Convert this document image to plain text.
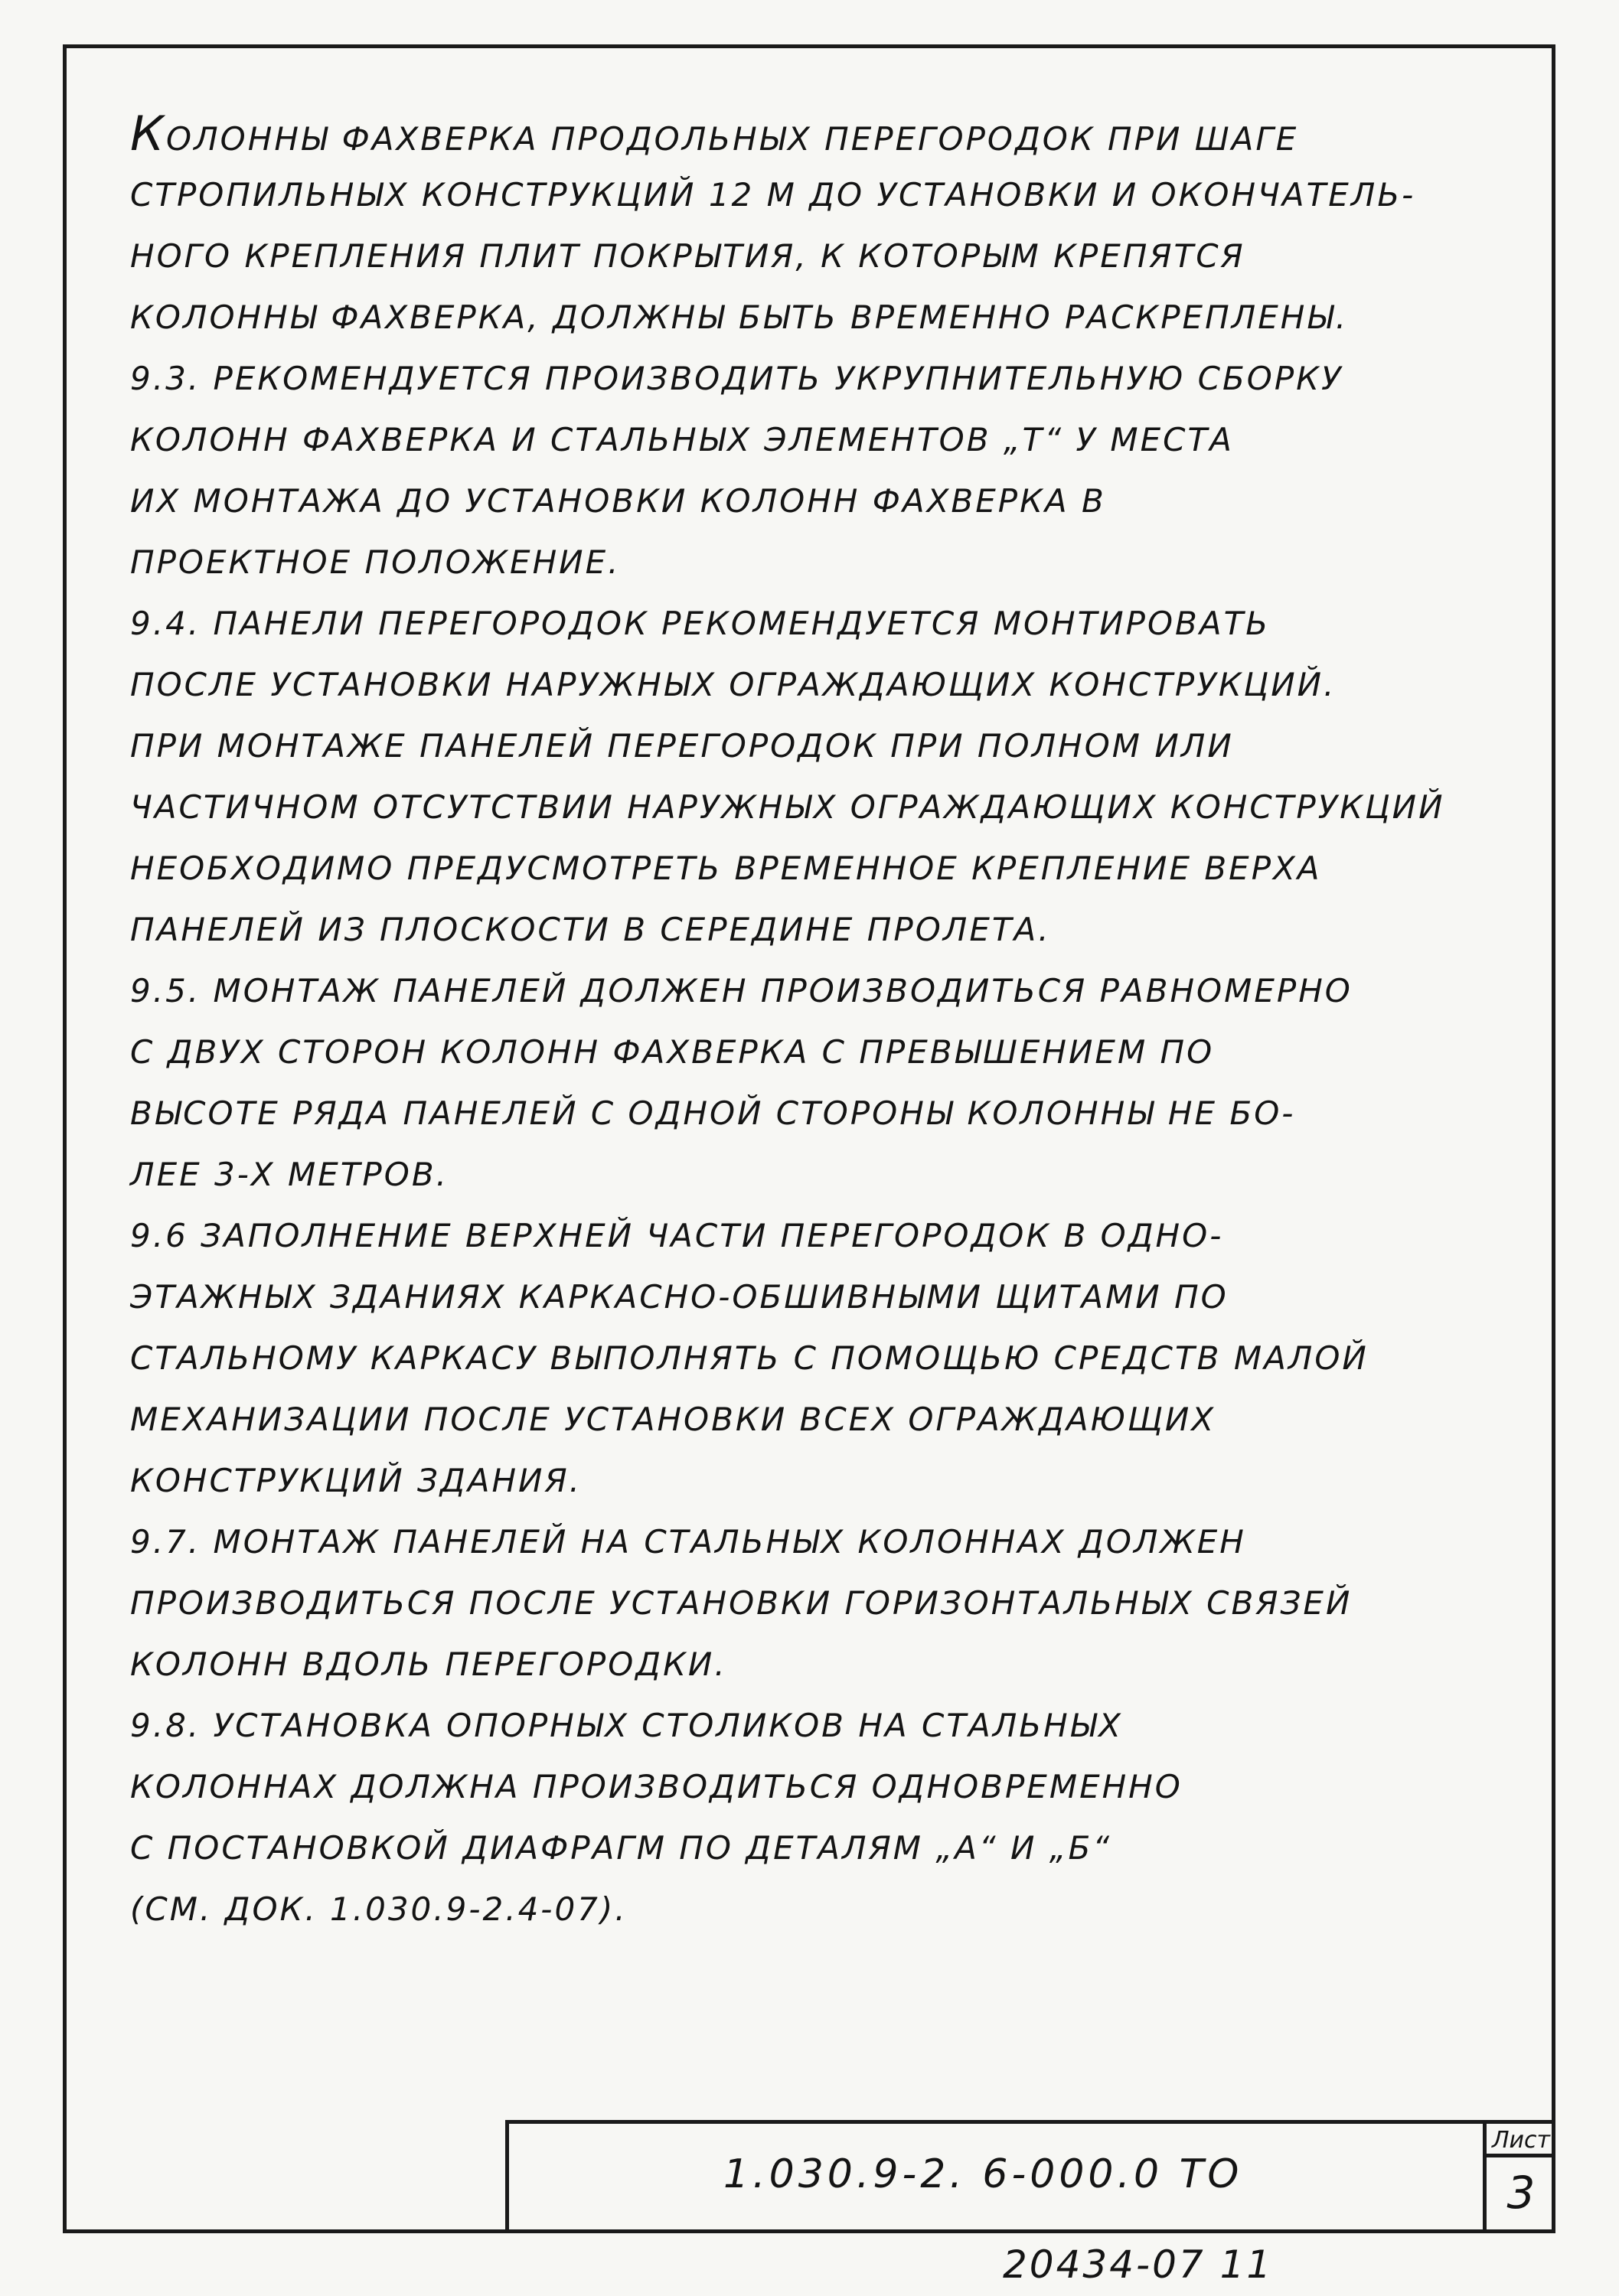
КОЛОННЫ ФАХВЕРКА ПРОДОЛЬНЫХ ПЕРЕГОРОДОК ПРИ ШАГЕ
СТРОПИЛЬНЫХ КОНСТРУКЦИЙ 12 М ДО УСТАНОВКИ И ОКОНЧАТЕЛЬ-
НОГО КРЕПЛЕНИЯ ПЛИТ ПОКРЫТИЯ, К КОТОРЫМ КРЕПЯТСЯ
КОЛОННЫ ФАХВЕРКА, ДОЛЖНЫ БЫТЬ ВРЕМЕННО РАСКРЕПЛЕНЫ.
9.3. РЕКОМЕНДУЕТСЯ ПРОИЗВОДИТЬ УКРУПНИТЕЛЬНУЮ СБОРКУ
КОЛОНН ФАХВЕРКА И СТАЛЬНЫХ ЭЛЕМЕНТОВ „Т“ У МЕСТА
ИХ МОНТАЖА ДО УСТАНОВКИ КОЛОНН ФАХВЕРКА В
ПРОЕКТНОЕ ПОЛОЖЕНИЕ.
9.4. ПАНЕЛИ ПЕРЕГОРОДОК РЕКОМЕНДУЕТСЯ МОНТИРОВАТЬ
ПОСЛЕ УСТАНОВКИ НАРУЖНЫХ ОГРАЖДАЮЩИХ КОНСТРУКЦИЙ.
ПРИ МОНТАЖЕ ПАНЕЛЕЙ ПЕРЕГОРОДОК ПРИ ПОЛНОМ ИЛИ
ЧАСТИЧНОМ ОТСУТСТВИИ НАРУЖНЫХ ОГРАЖДАЮЩИХ КОНСТРУКЦИЙ
НЕОБХОДИМО ПРЕДУСМОТРЕТЬ ВРЕМЕННОЕ КРЕПЛЕНИЕ ВЕРХА
ПАНЕЛЕЙ ИЗ ПЛОСКОСТИ В СЕРЕДИНЕ ПРОЛЕТА.
9.5. МОНТАЖ ПАНЕЛЕЙ ДОЛЖЕН ПРОИЗВОДИТЬСЯ РАВНОМЕРНО
С ДВУХ СТОРОН КОЛОНН ФАХВЕРКА С ПРЕВЫШЕНИЕМ ПО
ВЫСОТЕ РЯДА ПАНЕЛЕЙ С ОДНОЙ СТОРОНЫ КОЛОННЫ НЕ БО-
ЛЕЕ 3-Х МЕТРОВ.
9.6 ЗАПОЛНЕНИЕ ВЕРХНЕЙ ЧАСТИ ПЕРЕГОРОДОК В ОДНО-
ЭТАЖНЫХ ЗДАНИЯХ КАРКАСНО-ОБШИВНЫМИ ЩИТАМИ ПО
СТАЛЬНОМУ КАРКАСУ ВЫПОЛНЯТЬ С ПОМОЩЬЮ СРЕДСТВ МАЛОЙ
МЕХАНИЗАЦИИ ПОСЛЕ УСТАНОВКИ ВСЕХ ОГРАЖДАЮЩИХ
КОНСТРУКЦИЙ ЗДАНИЯ.
9.7. МОНТАЖ ПАНЕЛЕЙ НА СТАЛЬНЫХ КОЛОННАХ ДОЛЖЕН
ПРОИЗВОДИТЬСЯ ПОСЛЕ УСТАНОВКИ ГОРИЗОНТАЛЬНЫХ СВЯЗЕЙ
КОЛОНН ВДОЛЬ ПЕРЕГОРОДКИ.
9.8. УСТАНОВКА ОПОРНЫХ СТОЛИКОВ НА СТАЛЬНЫХ
КОЛОННАХ ДОЛЖНА ПРОИЗВОДИТЬСЯ ОДНОВРЕМЕННО
С ПОСТАНОВКОЙ ДИАФРАГМ ПО ДЕТАЛЯМ „А“ И „Б“
(СМ. ДОК. 1.030.9-2.4-07).
1.030.9-2. 6-000.0 ТО
Лист
3
20434-07 11
